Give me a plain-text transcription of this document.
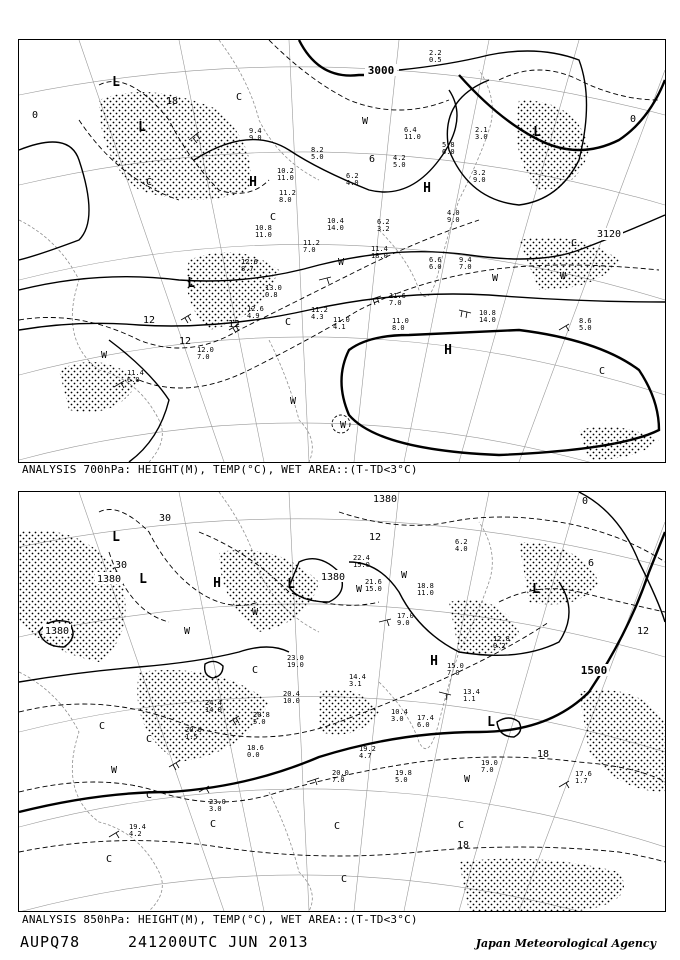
3000
3120
18
12	12
12
6
0	0
C	H	H
H
L
L	L
L
W
W	W
W
W
W
W
C
C
C
C
C
9.4
9.0
8.2
5.0
6.2
4.0
4.2
5.0
5.8
6.0
2.1
3.0
4.0
9.0
10.8
14.0	8.6
5.0
11.6
7.0
11.0
8.0
12.0
7.0
11.4
6.0
11.2
4.3 11.0
4.1
10.4
14.0
6.2
3.2
6.6
6.0
9.4
7.0
11.4
18.0
10.2
11.0
11.2
8.0
12.6
8.7
13.0
0.8
10.8
11.0
12.6
4.9
11.2
7.0
3.2
9.0
2.2
0.5
6.4
11.0
ANALYSIS 700hPa: HEIGHT(M), TEMP(°C), WET AREA::(T-TD<3°C)
1380	1380
1380
1500
1380
30
30
12
18
18
6
0
12
H
H
L
L	L	L
L
W
W
W
W
W
W
C
C
C
C
C
C
C
C
C
17.0
9.0
19.8
5.0
19.0
7.0	17.6
1.7
20.0
7.0
18.6
0.0
23.0
3.0
19.2
4.7
20.8
5.0
13.4
1.1
14.4
3.1
15.0
7.0
22.4
15.0
21.6
15.0	18.8
11.0
12.8
0.2
6.2
4.0
20.0
1.5
24.4
14.0
23.0
19.0
20.4
10.0
17.4
6.0
10.4
3.0
19.4
4.2
ANALYSIS 850hPa: HEIGHT(M), TEMP(°C), WET AREA::(T-TD<3°C)
AUPQ78	241200UTC JUN 2013	Japan Meteorological Agency
